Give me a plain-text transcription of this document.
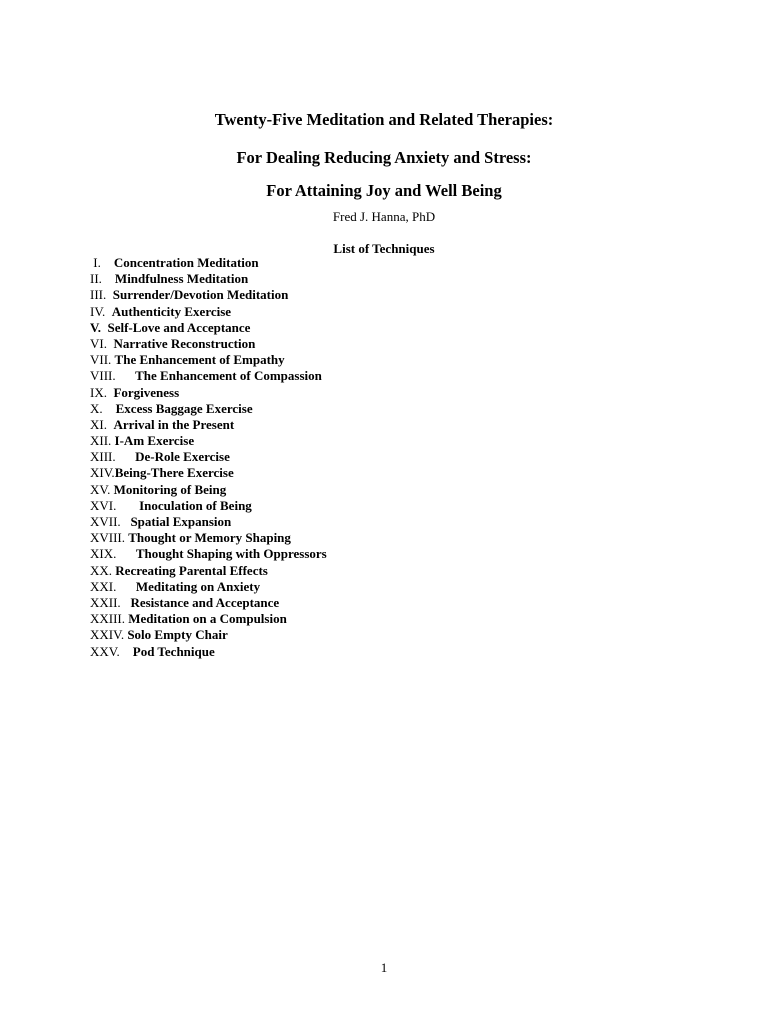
Twenty-Five Meditation and Related Therapies:
For Dealing Reducing Anxiety and Stress:
For Attaining Joy and Well Being
Fred J. Hanna, PhD
List of Techniques
I.    Concentration Meditation
II.    Mindfulness Meditation
III.  Surrender/Devotion Meditation
IV.  Authenticity Exercise
V.  Self-Love and Acceptance
VI.  Narrative Reconstruction
VII. The Enhancement of Empathy
VIII.      The Enhancement of Compassion
IX.  Forgiveness
X.    Excess Baggage Exercise
XI.  Arrival in the Present
XII. I-Am Exercise
XIII.      De-Role Exercise
XIV.Being-There Exercise
XV. Monitoring of Being
XVI.       Inoculation of Being
XVII.   Spatial Expansion
XVIII. Thought or Memory Shaping
XIX.      Thought Shaping with Oppressors
XX. Recreating Parental Effects
XXI.      Meditating on Anxiety
XXII.   Resistance and Acceptance
XXIII. Meditation on a Compulsion
XXIV. Solo Empty Chair
XXV.    Pod Technique
1
